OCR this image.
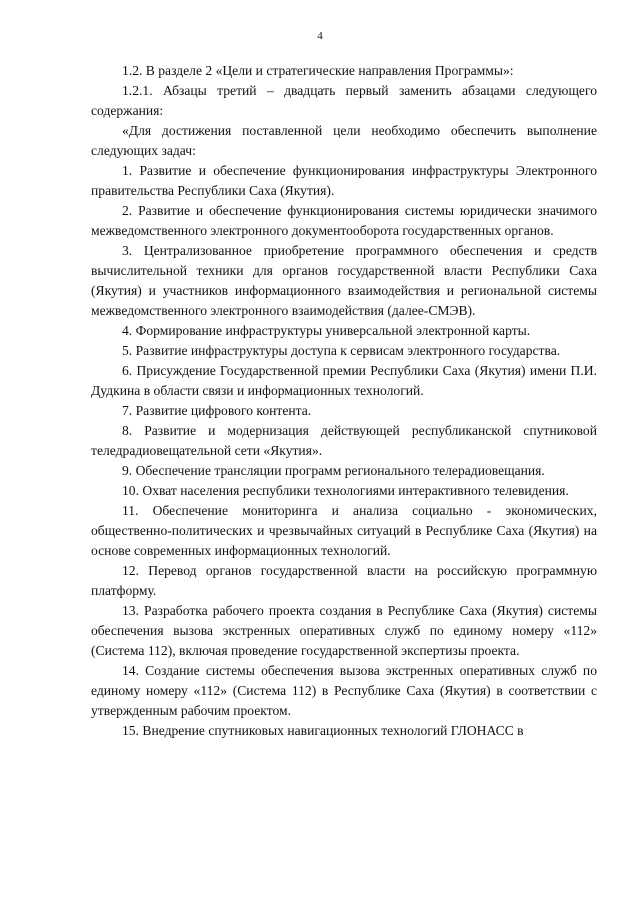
4

1.2. В разделе 2 «Цели и стратегические направления Программы»:

1.2.1. Абзацы третий – двадцать первый заменить абзацами следующего содержания:

«Для достижения поставленной цели необходимо обеспечить выполнение следующих задач:

1. Развитие и обеспечение функционирования инфраструктуры Электронного правительства Республики Саха (Якутия).

2. Развитие и обеспечение функционирования системы юридически значимого межведомственного электронного документооборота государственных органов.

3. Централизованное приобретение программного обеспечения и средств вычислительной техники для органов государственной власти Республики Саха (Якутия) и участников информационного взаимодействия и региональной системы межведомственного электронного взаимодействия (далее-СМЭВ).

4. Формирование инфраструктуры универсальной электронной карты.

5. Развитие инфраструктуры доступа к сервисам электронного государства.

6. Присуждение Государственной премии Республики Саха (Якутия) имени П.И. Дудкина в области связи и информационных технологий.

7. Развитие цифрового контента.

8. Развитие и модернизация действующей республиканской спутниковой теледрадиовещательной сети «Якутия».

9. Обеспечение трансляции программ регионального телерадиовещания.

10. Охват населения республики технологиями интерактивного телевидения.

11. Обеспечение мониторинга и анализа социально - экономических, общественно-политических и чрезвычайных ситуаций в Республике Саха (Якутия) на основе современных информационных технологий.

12. Перевод органов государственной власти на российскую программную платформу.

13. Разработка рабочего проекта создания в Республике Саха (Якутия) системы обеспечения вызова экстренных оперативных служб по единому номеру «112» (Система 112), включая проведение государственной экспертизы проекта.

14. Создание системы обеспечения вызова экстренных оперативных служб по единому номеру «112» (Система 112) в Республике Саха (Якутия) в соответствии с утвержденным рабочим проектом.

15. Внедрение спутниковых навигационных технологий ГЛОНАСС в
